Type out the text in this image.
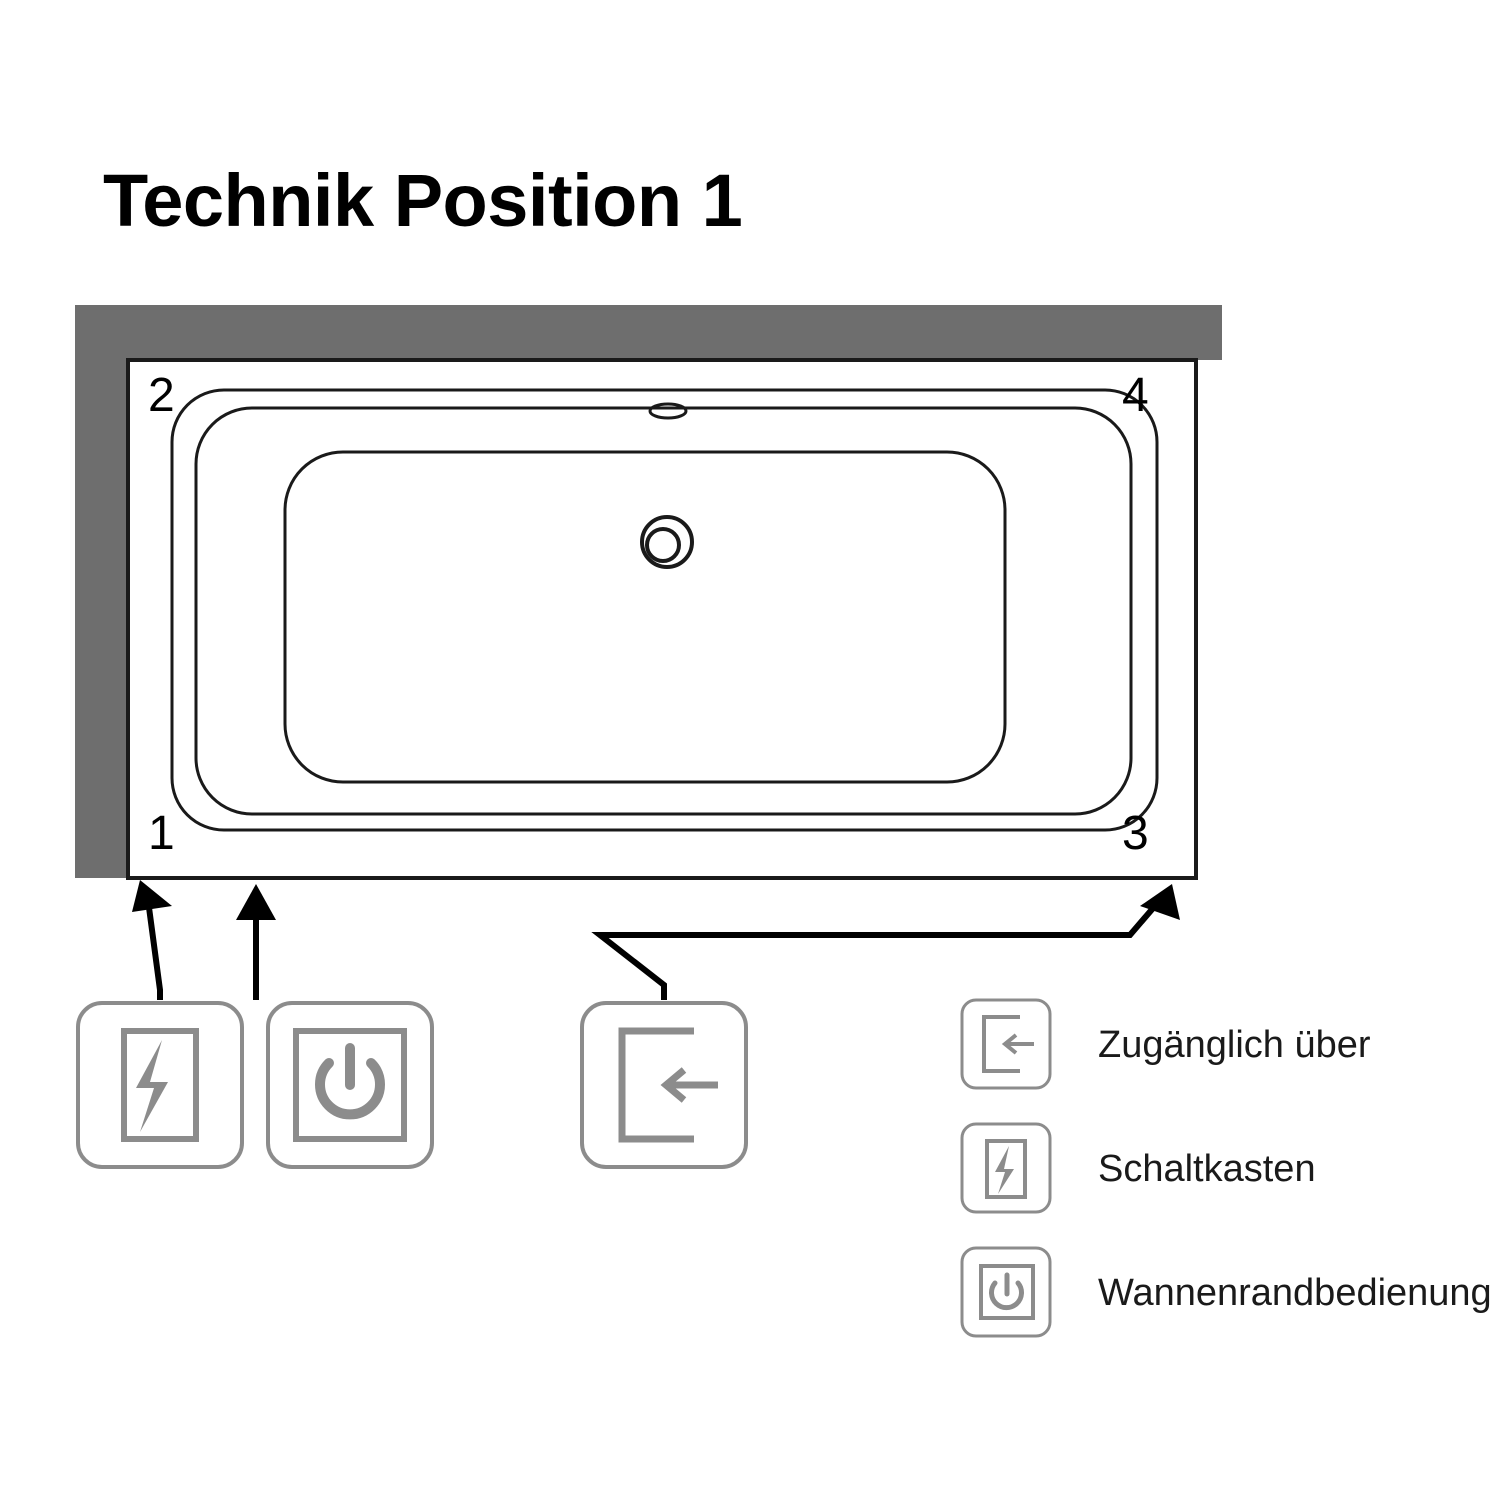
Technik Position 1
2	4
1	3
Zugänglich über
Schaltkasten
Wannenrandbedienung
